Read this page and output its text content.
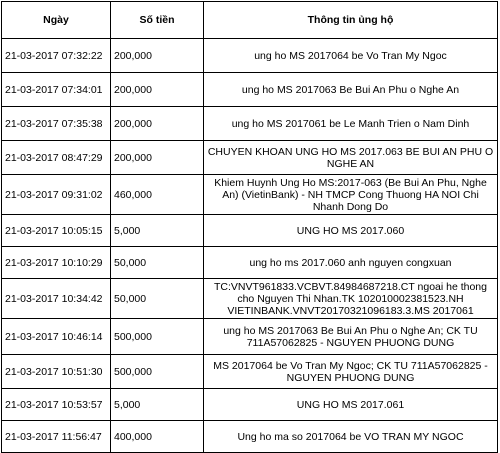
Ngày	Số tiền	Thông tin ủng hộ
21-03-2017 07:32:22	200,000	ung ho MS 2017064 be Vo Tran My Ngoc
21-03-2017 07:34:01	200,000	ung ho MS 2017063 Be Bui An Phu o Nghe An
21-03-2017 07:35:38	200,000	ung ho MS 2017061 be Le Manh Trien o Nam Dinh
21-03-2017 08:47:29	200,000	CHUYEN KHOAN UNG HO MS 2017.063 BE BUI AN PHU O NGHE AN
21-03-2017 09:31:02	460,000	Khiem Huynh Ung Ho MS:2017-063 (Be Bui An Phu, Nghe An) (VietinBank) - NH TMCP Cong Thuong HA NOI Chi Nhanh Dong Do

21-03-2017 10:05:15	5,000	UNG HO MS 2017.060
21-03-2017 10:10:29	50,000	ung ho ms 2017.060 anh nguyen congxuan
21-03-2017 10:34:42	50,000	TC:VNVT961833.VCBVT.84984687218.CT ngoai he thong cho Nguyen Thi Nhan.TK 102010002381523.NH VIETINBANK.VNVT20170321096183.3.MS 2017061

21-03-2017 10:46:14	500,000	ung ho MS 2017063 Be Bui An Phu o Nghe An; CK TU 711A57062825 - NGUYEN PHUONG DUNG
21-03-2017 10:51:30	500,000	MS 2017064 be Vo Tran My Ngoc; CK TU 711A57062825 - NGUYEN PHUONG DUNG
21-03-2017 10:53:57	5,000	UNG HO MS 2017.061
21-03-2017 11:56:47	400,000	Ung ho ma so 2017064 be VO TRAN MY NGOC
